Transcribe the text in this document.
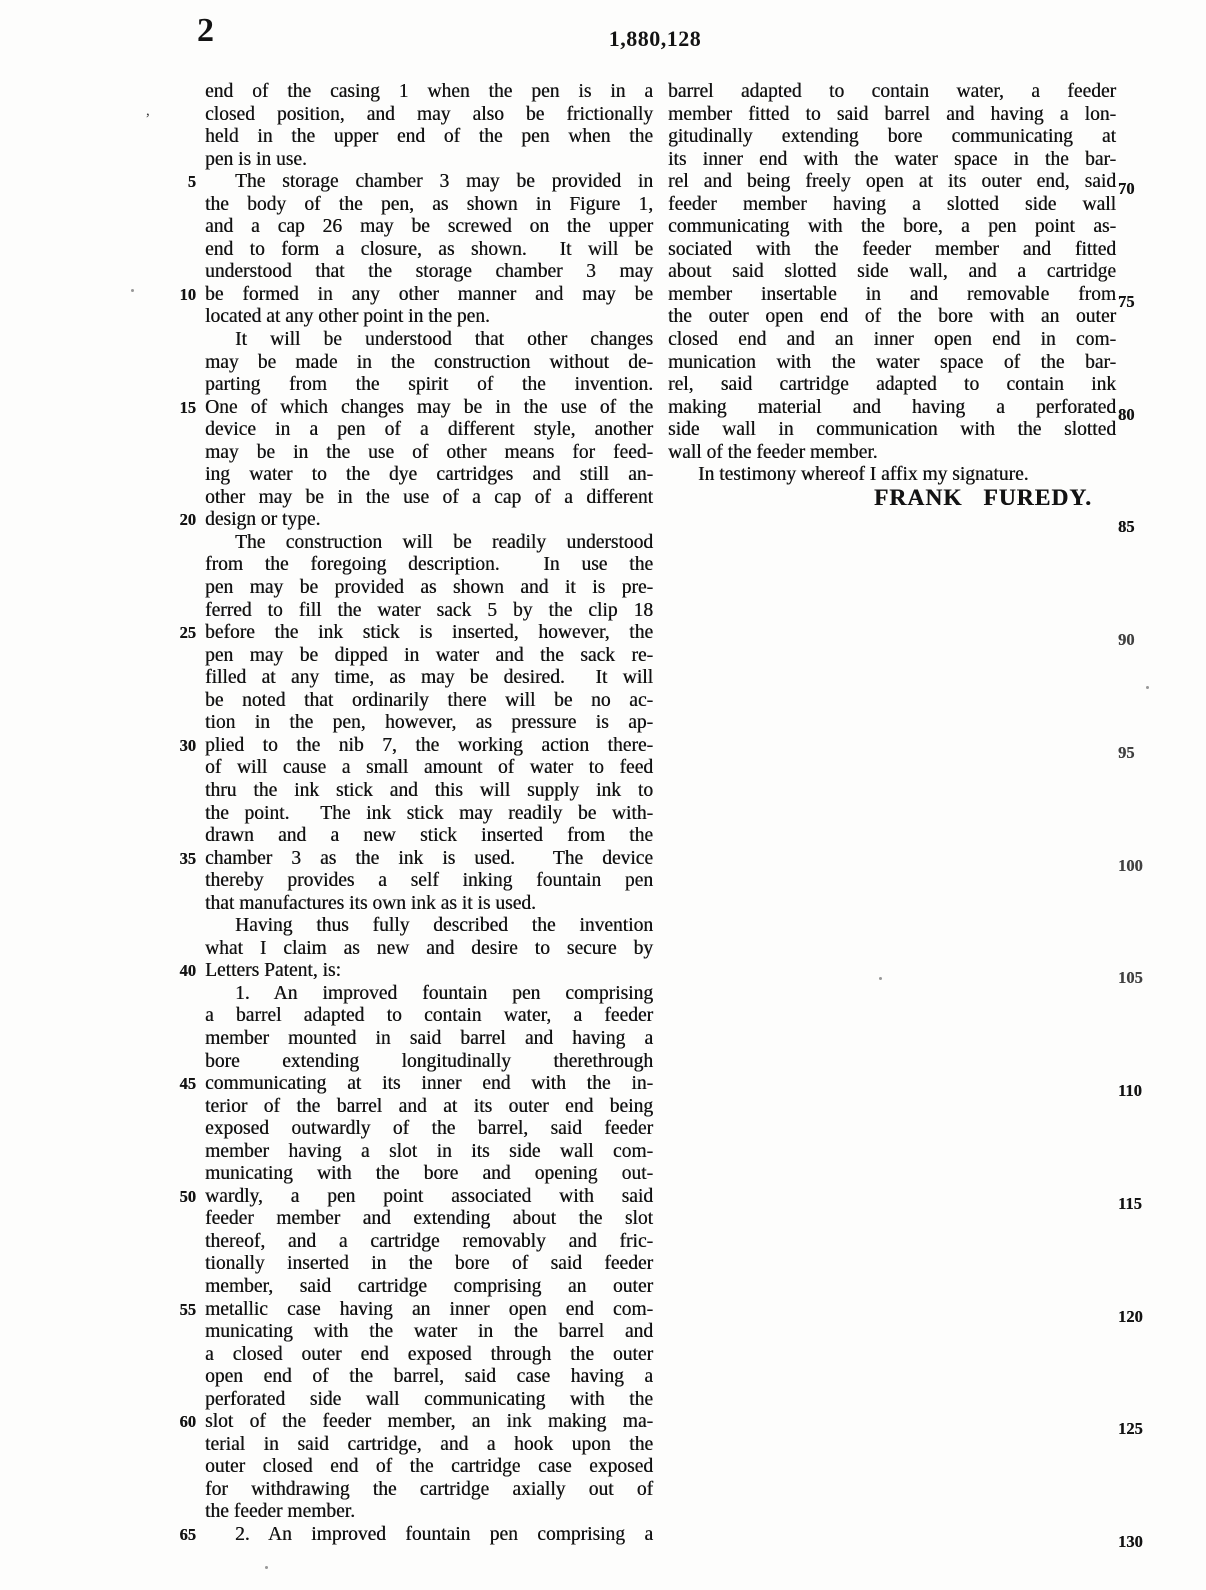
2	1,880,128
end of the casing 1 when the pen is in a
closed position, and may also be frictionally
held in the upper end of the pen when the
pen is in use.
The storage chamber 3 may be provided in
the body of the pen, as shown in Figure 1,
and a cap 26 may be screwed on the upper
end to form a closure, as shown.  It will be
understood that the storage chamber 3 may
be formed in any other manner and may be
located at any other point in the pen.
It will be understood that other changes
may be made in the construction without de-
parting from the spirit of the invention.
One of which changes may be in the use of the
device in a pen of a different style, another
may be in the use of other means for feed-
ing water to the dye cartridges and still an-
other may be in the use of a cap of a different
design or type.
The construction will be readily understood
from the foregoing description.  In use the
pen may be provided as shown and it is pre-
ferred to fill the water sack 5 by the clip 18
before the ink stick is inserted, however, the
pen may be dipped in water and the sack re-
filled at any time, as may be desired.  It will
be noted that ordinarily there will be no ac-
tion in the pen, however, as pressure is ap-
plied to the nib 7, the working action there-
of will cause a small amount of water to feed
thru the ink stick and this will supply ink to
the point.  The ink stick may readily be with-
drawn and a new stick inserted from the
chamber 3 as the ink is used.  The device
thereby provides a self inking fountain pen
that manufactures its own ink as it is used.
Having thus fully described the invention
what I claim as new and desire to secure by
Letters Patent, is:
1. An improved fountain pen comprising
a barrel adapted to contain water, a feeder
member mounted in said barrel and having a
bore extending longitudinally therethrough
communicating at its inner end with the in-
terior of the barrel and at its outer end being
exposed outwardly of the barrel, said feeder
member having a slot in its side wall com-
municating with the bore and opening out-
wardly, a pen point associated with said
feeder member and extending about the slot
thereof, and a cartridge removably and fric-
tionally inserted in the bore of said feeder
member, said cartridge comprising an outer
metallic case having an inner open end com-
municating with the water in the barrel and
a closed outer end exposed through the outer
open end of the barrel, said case having a
perforated side wall communicating with the
slot of the feeder member, an ink making ma-
terial in said cartridge, and a hook upon the
outer closed end of the cartridge case exposed
for withdrawing the cartridge axially out of
the feeder member.
2. An improved fountain pen comprising a
barrel adapted to contain water, a feeder
member fitted to said barrel and having a lon-
gitudinally extending bore communicating at
its inner end with the water space in the bar-
rel and being freely open at its outer end, said
feeder member having a slotted side wall
communicating with the bore, a pen point as-
sociated with the feeder member and fitted
about said slotted side wall, and a cartridge
member insertable in and removable from
the outer open end of the bore with an outer
closed end and an inner open end in com-
munication with the water space of the bar-
rel, said cartridge adapted to contain ink
making material and having a perforated
side wall in communication with the slotted
wall of the feeder member.
In testimony whereof I affix my signature.
FRANK FUREDY.
5
10
15
20
25
30
35
40
45
50
55
60
65
70
75
80
85
90
95
100
105
110
115
120
125
130
,
